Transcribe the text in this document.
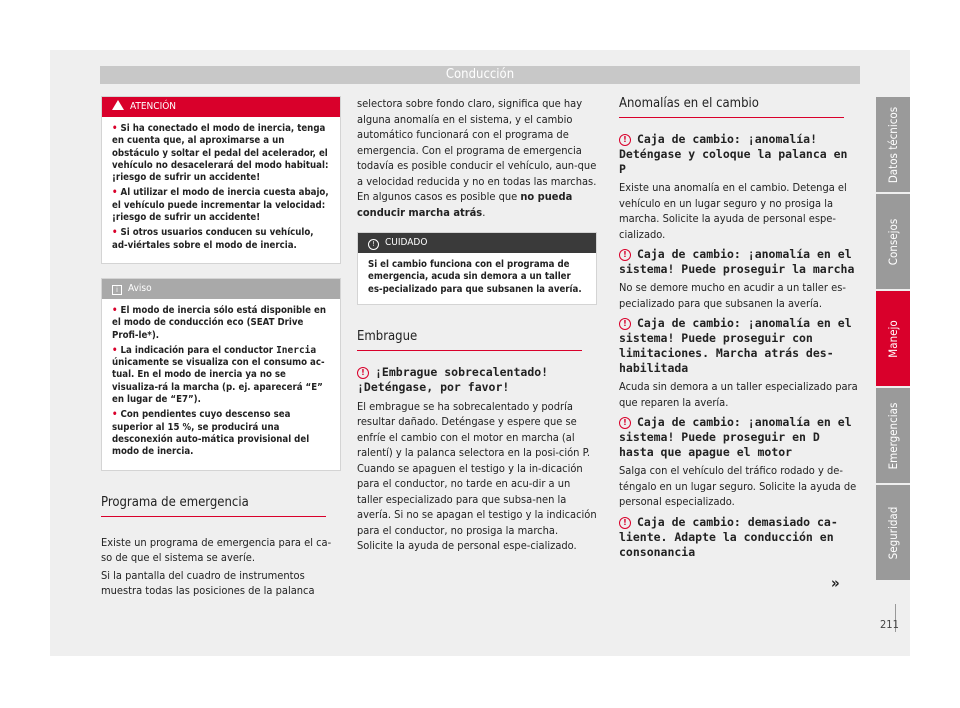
Conducción
ATENCIÓN

• Si ha conectado el modo de inercia, tenga en cuenta que, al aproximarse a un obstáculo y soltar el pedal del acelerador, el vehículo no desacelerará del modo habitual: ¡riesgo de sufrir un accidente!

• Al utilizar el modo de inercia cuesta abajo, el vehículo puede incrementar la velocidad: ¡riesgo de sufrir un accidente!

• Si otros usuarios conducen su vehículo, ad-viértales sobre el modo de inercia.

i Aviso

• El modo de inercia sólo está disponible en el modo de conducción eco (SEAT Drive Profi-le*).

• La indicación para el conductor Inercia únicamente se visualiza con el consumo ac-tual. En el modo de inercia ya no se visualiza-rá la marcha (p. ej. aparecerá “E” en lugar de “E7”).

• Con pendientes cuyo descenso sea superior al 15 %, se producirá una desconexión auto-mática provisional del modo de inercia.

Programa de emergencia

Existe un programa de emergencia para el ca-so de que el sistema se averíe.

Si la pantalla del cuadro de instrumentos muestra todas las posiciones de la palanca

selectora sobre fondo claro, significa que hay alguna anomalía en el sistema, y el cambio automático funcionará con el programa de emergencia. Con el programa de emergencia todavía es posible conducir el vehículo, aun-que a velocidad reducida y no en todas las marchas. En algunos casos es posible que no pueda conducir marcha atrás.

! CUIDADO
Si el cambio funciona con el programa de emergencia, acuda sin demora a un taller es-pecializado para que subsanen la avería.
Embrague

! ¡Embrague sobrecalentado! ¡Deténgase, por favor!

El embrague se ha sobrecalentado y podría resultar dañado. Deténgase y espere que se enfríe el cambio con el motor en marcha (al ralentí) y la palanca selectora en la posi-ción P. Cuando se apaguen el testigo y la in-dicación para el conductor, no tarde en acu-dir a un taller especializado para que subsa-nen la avería. Si no se apagan el testigo y la indicación para el conductor, no prosiga la marcha. Solicite la ayuda de personal espe-cializado.

Anomalías en el cambio

! Caja de cambio: ¡anomalía! Deténgase y coloque la palanca en P

Existe una anomalía en el cambio. Detenga el vehículo en un lugar seguro y no prosiga la marcha. Solicite la ayuda de personal espe-cializado.

! Caja de cambio: ¡anomalía en el sistema! Puede proseguir la marcha

No se demore mucho en acudir a un taller es-pecializado para que subsanen la avería.

! Caja de cambio: ¡anomalía en el sistema! Puede proseguir con limitaciones. Marcha atrás des-habilitada

Acuda sin demora a un taller especializado para que reparen la avería.

! Caja de cambio: ¡anomalía en el sistema! Puede proseguir en D hasta que apague el motor

Salga con el vehículo del tráfico rodado y de-téngalo en un lugar seguro. Solicite la ayuda de personal especializado.

! Caja de cambio: demasiado ca-liente. Adapte la conducción en consonancia

»
Datos técnicos
Consejos
Manejo
Emergencias
Seguridad
211
